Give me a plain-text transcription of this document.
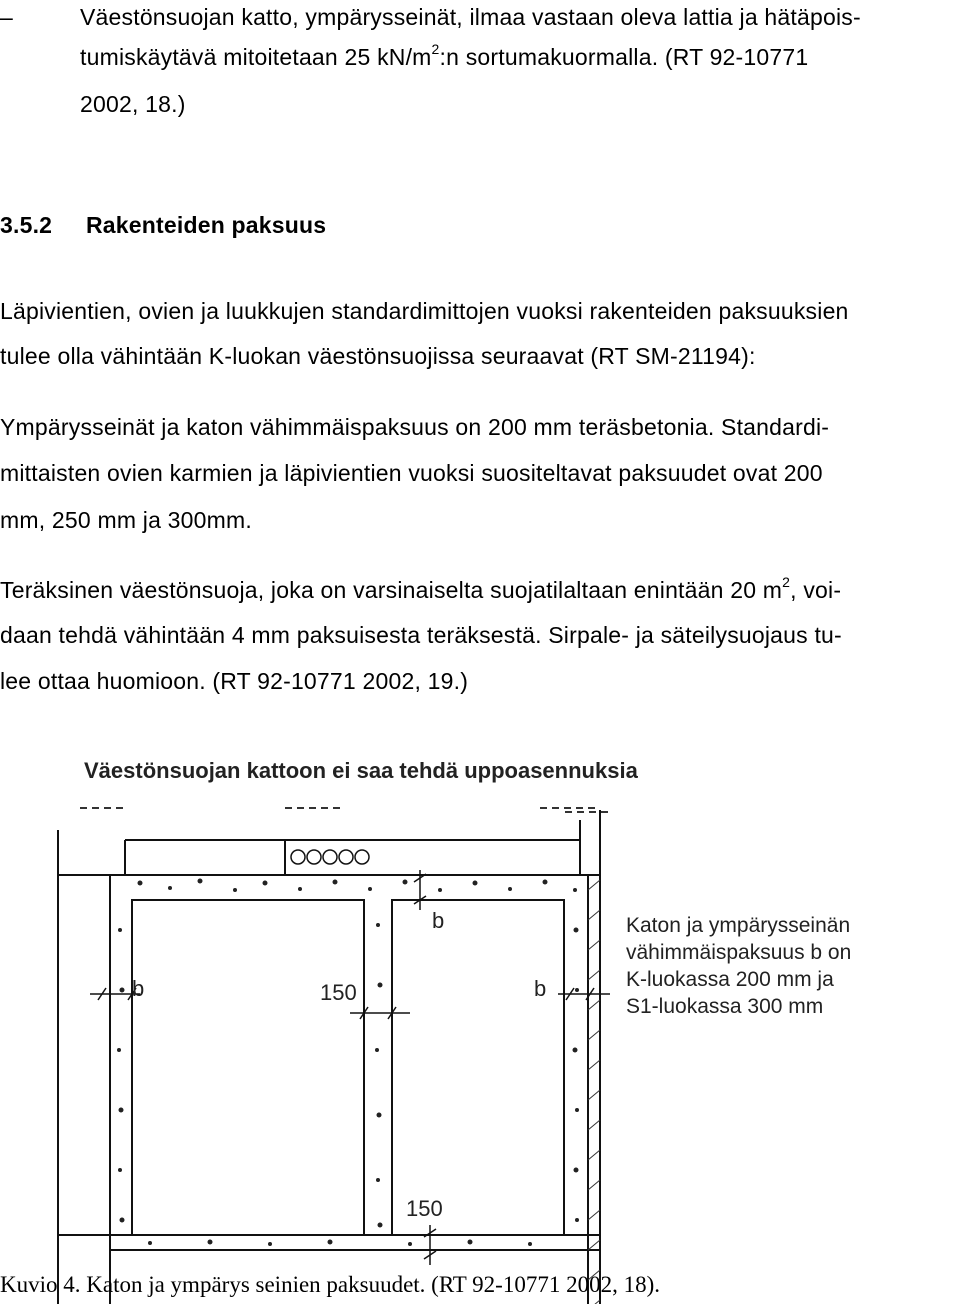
–	Väestönsuojan katto, ympärysseinät, ilmaa vastaan oleva lattia ja hätäpois-
tumiskäytävä mitoitetaan 25 $kN/m^2:n$ sortumakuormalla. (RT 92-10771
2002, 18.)
3.5.2 Rakenteiden paksuus
Läpivientien, ovien ja luukkujen standardimittojen vuoksi rakenteiden paksuuksien
tulee olla vähintään K-luokan väestönsuojissa seuraavat (RT SM-21194):
Ympärysseinät ja katon vähimmäispaksuus on 200 mm teräsbetonia. Standardi-
mittaisten ovien karmien ja läpivientien vuoksi suositeltavat paksuudet ovat 200
mm, 250 mm ja 300mm.
Teräksinen väestönsuoja, joka on varsinaiselta suojatilaltaan enintään 20 $m^2$, voi-
daan tehdä vähintään 4 mm paksuisesta teräksestä. Sirpale- ja säteilysuojaus tu-
lee ottaa huomioon. (RT 92-10771 2002, 19.)
Väestönsuojan kattoon ei saa tehdä uppoasennuksia
b	150
b
b
150
Katon ja ympärysseinän
vähimmäispaksuus b on
K-luokassa 200 mm ja
S1-luokassa 300 mm
Kuvio 4. Katon ja ympärys seinien paksuudet. (RT 92-10771 2002, 18).
